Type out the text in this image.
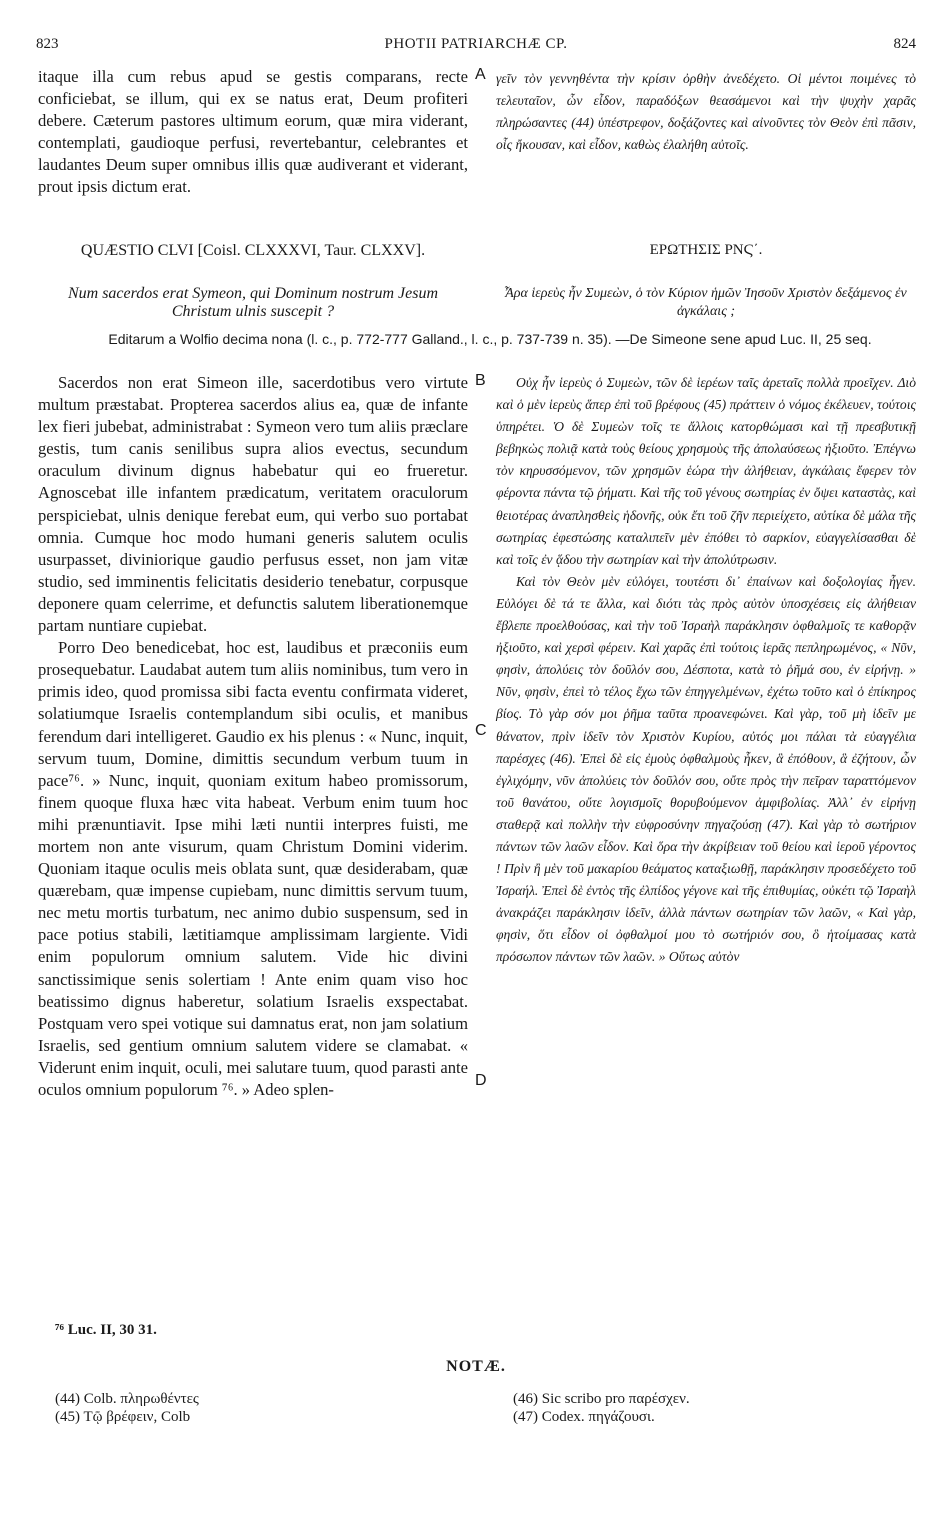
823	PHOTII PATRIARCHÆ CP.	824

itaque illa cum rebus apud se gestis comparans, recte conficiebat, se illum, qui ex se natus erat, Deum profiteri debere. Cæterum pastores ultimum eorum, quæ mira viderant, contemplati, gaudioque perfusi, revertebantur, celebrantes et laudantes Deum super omnibus illis quæ audiverant et viderant, prout ipsis dictum erat.

γεῖν τὸν γεννηθέντα τὴν κρίσιν ὀρθὴν ἀνεδέχετο. Οἱ μέντοι ποιμένες τὸ τελευταῖον, ὧν εἶδον, παραδόξων θεασάμενοι καὶ τὴν ψυχὴν χαρᾶς πληρώσαντες (44) ὑπέστρεφον, δοξάζοντες καὶ αἰνοῦντες τὸν Θεὸν ἐπὶ πᾶσιν, οἷς ἤκουσαν, καὶ εἶδον, καθὼς ἐλαλήθη αὐτοῖς.

QUÆSTIO CLVI [Coisl. CLXXXVI, Taur. CLXXV].	ΕΡΩΤΗΣΙΣ ΡΝϚ΄.
Num sacerdos erat Symeon, qui Dominum nostrum Jesum Christum ulnis suscepit ?
Ἆρα ἱερεὺς ἦν Συμεὼν, ὁ τὸν Κύριον ἡμῶν Ἰησοῦν Χριστὸν δεξάμενος ἐν ἀγκάλαις ;
Editarum a Wolfio decima nona (l. c., p. 772-777 Galland., l. c., p. 737-739 n. 35). —De Simeone sene apud Luc. II, 25 seq.

Sacerdos non erat Simeon ille, sacerdotibus vero virtute multum præstabat. Propterea sacerdos alius ea, quæ de infante lex fieri jubebat, administrabat : Symeon vero tum aliis præclare gestis, tum canis senilibus supra alios evectus, secundum oraculum divinum dignus habebatur qui eo frueretur. Agnoscebat ille infantem prædicatum, veritatem oraculorum perspiciebat, ulnis denique ferebat eum, qui verbo suo portabat omnia. Cumque hoc modo humani generis salutem oculis usurpasset, diviniorique gaudio perfusus esset, non jam vitæ studio, sed imminentis felicitatis desiderio tenebatur, corpusque deponere quam celerrime, et defunctis salutem liberationemque partam nuntiare cupiebat.

Porro Deo benedicebat, hoc est, laudibus et præconiis eum prosequebatur. Laudabat autem tum aliis nominibus, tum vero in primis ideo, quod promissa sibi facta eventu confirmata videret, solatiumque Israelis contemplandum sibi oculis, et manibus ferendum dari intelligeret. Gaudio ex his plenus : « Nunc, inquit, servum tuum, Domine, dimittis secundum verbum tuum in pace⁷⁶. » Nunc, inquit, quoniam exitum habeo promissorum, finem quoque fluxa hæc vita habeat. Verbum enim tuum hoc mihi prænuntiavit. Ipse mihi læti nuntii interpres fuisti, me mortem non ante visurum, quam Christum Domini viderim. Quoniam itaque oculis meis oblata sunt, quæ desiderabam, quæ quærebam, quæ impense cupiebam, nunc dimittis servum tuum, nec metu mortis turbatum, nec animo dubio suspensum, sed in pace potius stabili, lætitiamque amplissimam largiente. Vidi enim populorum omnium salutem. Vide hic divini sanctissimique senis solertiam ! Ante enim quam viso hoc beatissimo dignus haberetur, solatium Israelis exspectabat. Postquam vero spei votique sui damnatus erat, non jam solatium Israelis, sed gentium omnium salutem videre se clamabat. « Viderunt enim inquit, oculi, mei salutare tuum, quod parasti ante oculos omnium populorum ⁷⁶. » Adeo splen-

Οὐχ ἦν ἱερεὺς ὁ Συμεὼν, τῶν δὲ ἱερέων ταῖς ἀρεταῖς πολλὰ προεῖχεν. Διὸ καὶ ὁ μὲν ἱερεὺς ἅπερ ἐπὶ τοῦ βρέφους (45) πράττειν ὁ νόμος ἐκέλευεν, τούτοις ὑπηρέτει. Ὁ δὲ Συμεὼν τοῖς τε ἄλλοις κατορθώμασι καὶ τῇ πρεσβυτικῇ βεβηκὼς πολιᾷ κατὰ τοὺς θείους χρησμοὺς τῆς ἀπολαύσεως ἠξιοῦτο. Ἐπέγνω τὸν κηρυσσόμενον, τῶν χρησμῶν ἑώρα τὴν ἀλήθειαν, ἀγκάλαις ἔφερεν τὸν φέροντα πάντα τῷ ῥήματι. Καὶ τῆς τοῦ γένους σωτηρίας ἐν ὄψει καταστὰς, καὶ θειοτέρας ἀναπλησθεὶς ἡδονῆς, οὐκ ἔτι τοῦ ζῆν περιείχετο, αὐτίκα δὲ μάλα τῆς σωτηρίας ἐφεστώσης καταλιπεῖν μὲν ἐπόθει τὸ σαρκίον, εὐαγγελίσασθαι δὲ καὶ τοῖς ἐν ᾅδου τὴν σωτηρίαν καὶ τὴν ἀπολύτρωσιν.

Καὶ τὸν Θεὸν μὲν εὐλόγει, τουτέστι δι᾿ ἐπαίνων καὶ δοξολογίας ἦγεν. Εὐλόγει δὲ τά τε ἄλλα, καὶ διότι τὰς πρὸς αὐτὸν ὑποσχέσεις εἰς ἀλήθειαν ἔβλεπε προελθούσας, καὶ τὴν τοῦ Ἰσραὴλ παράκλησιν ὀφθαλμοῖς τε καθορᾷν ἠξιοῦτο, καὶ χερσὶ φέρειν. Καὶ χαρᾶς ἐπὶ τούτοις ἱερᾶς πεπληρωμένος, « Νῦν, φησὶν, ἀπολύεις τὸν δοῦλόν σου, Δέσποτα, κατὰ τὸ ῥῆμά σου, ἐν εἰρήνῃ. » Νῦν, φησὶν, ἐπεὶ τὸ τέλος ἔχω τῶν ἐπηγγελμένων, ἐχέτω τοῦτο καὶ ὁ ἐπίκηρος βίος. Τὸ γὰρ σόν μοι ῥῆμα ταῦτα προανεφώνει. Καὶ γὰρ, τοῦ μὴ ἰδεῖν με θάνατον, πρὶν ἰδεῖν τὸν Χριστὸν Κυρίου, αὐτός μοι πάλαι τὰ εὐαγγέλια παρέσχες (46). Ἐπεὶ δὲ εἰς ἐμοὺς ὀφθαλμοὺς ἧκεν, ἃ ἐπόθουν, ἃ ἐζήτουν, ὧν ἐγλιχόμην, νῦν ἀπολύεις τὸν δοῦλόν σου, οὔτε πρὸς τὴν πεῖραν ταραττόμενον τοῦ θανάτου, οὔτε λογισμοῖς θορυβούμενον ἀμφιβολίας. Ἀλλ᾿ ἐν εἰρήνῃ σταθερᾷ καὶ πολλὴν τὴν εὐφροσύνην πηγαζούσῃ (47). Καὶ γὰρ τὸ σωτήριον πάντων τῶν λαῶν εἶδον. Καὶ ὅρα τὴν ἀκρίβειαν τοῦ θείου καὶ ἱεροῦ γέροντος ! Πρὶν ἢ μὲν τοῦ μακαρίου θεάματος καταξιωθῇ, παράκλησιν προσεδέχετο τοῦ Ἰσραήλ. Ἐπεὶ δὲ ἐντὸς τῆς ἐλπίδος γέγονε καὶ τῆς ἐπιθυμίας, οὐκέτι τῷ Ἰσραὴλ ἀνακράζει παράκλησιν ἰδεῖν, ἀλλὰ πάντων σωτηρίαν τῶν λαῶν, « Καὶ γὰρ, φησὶν, ὅτι εἶδον οἱ ὀφθαλμοί μου τὸ σωτήριόν σου, ὃ ἡτοίμασας κατὰ πρόσωπον πάντων τῶν λαῶν. » Οὕτως αὐτὸν

A
B
C
D
⁷⁶ Luc. II, 30 31.
NOTÆ.
(44) Colb. πληρωθέντες
(45) Τῷ βρέφειν, Colb
(46) Sic scribo pro παρέσχεν.
(47) Codex. πηγάζουσι.
